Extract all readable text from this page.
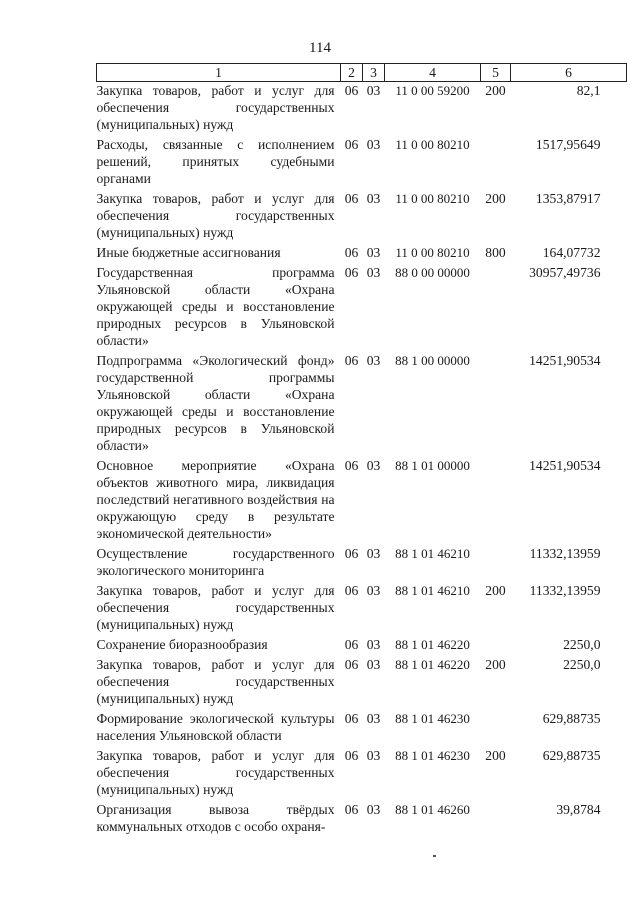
114
1	2	3	4	5	6
Закупка товаров, работ и услуг для обеспечения государственных (муниципальных) нужд	06	03	11 0 00 59200	200	82,1
Расходы, связанные с исполнением решений, принятых судебными органами	06	03	11 0 00 80210		1517,95649
Закупка товаров, работ и услуг для обеспечения государственных (муниципальных) нужд	06	03	11 0 00 80210	200	1353,87917
Иные бюджетные ассигнования	06	03	11 0 00 80210	800	164,07732
Государственная программа Ульяновской области «Охрана окружающей среды и восстановление природных ресурсов в Ульяновской области»	06	03	88 0 00 00000		30957,49736
Подпрограмма «Экологический фонд» государственной программы Ульяновской области «Охрана окружающей среды и восстановление природных ресурсов в Ульяновской области»	06	03	88 1 00 00000		14251,90534
Основное мероприятие «Охрана объектов животного мира, ликвидация последствий негативного воздействия на окружающую среду в результате экономической деятельности»	06	03	88 1 01 00000		14251,90534
Осуществление государственного экологического мониторинга	06	03	88 1 01 46210		11332,13959
Закупка товаров, работ и услуг для обеспечения государственных (муниципальных) нужд	06	03	88 1 01 46210	200	11332,13959
Сохранение биоразнообразия	06	03	88 1 01 46220		2250,0
Закупка товаров, работ и услуг для обеспечения государственных (муниципальных) нужд	06	03	88 1 01 46220	200	2250,0
Формирование экологической культуры населения Ульяновской области	06	03	88 1 01 46230		629,88735
Закупка товаров, работ и услуг для обеспечения государственных (муниципальных) нужд	06	03	88 1 01 46230	200	629,88735
Организация вывоза твёрдых коммунальных отходов с особо охраня-	06	03	88 1 01 46260		39,8784
